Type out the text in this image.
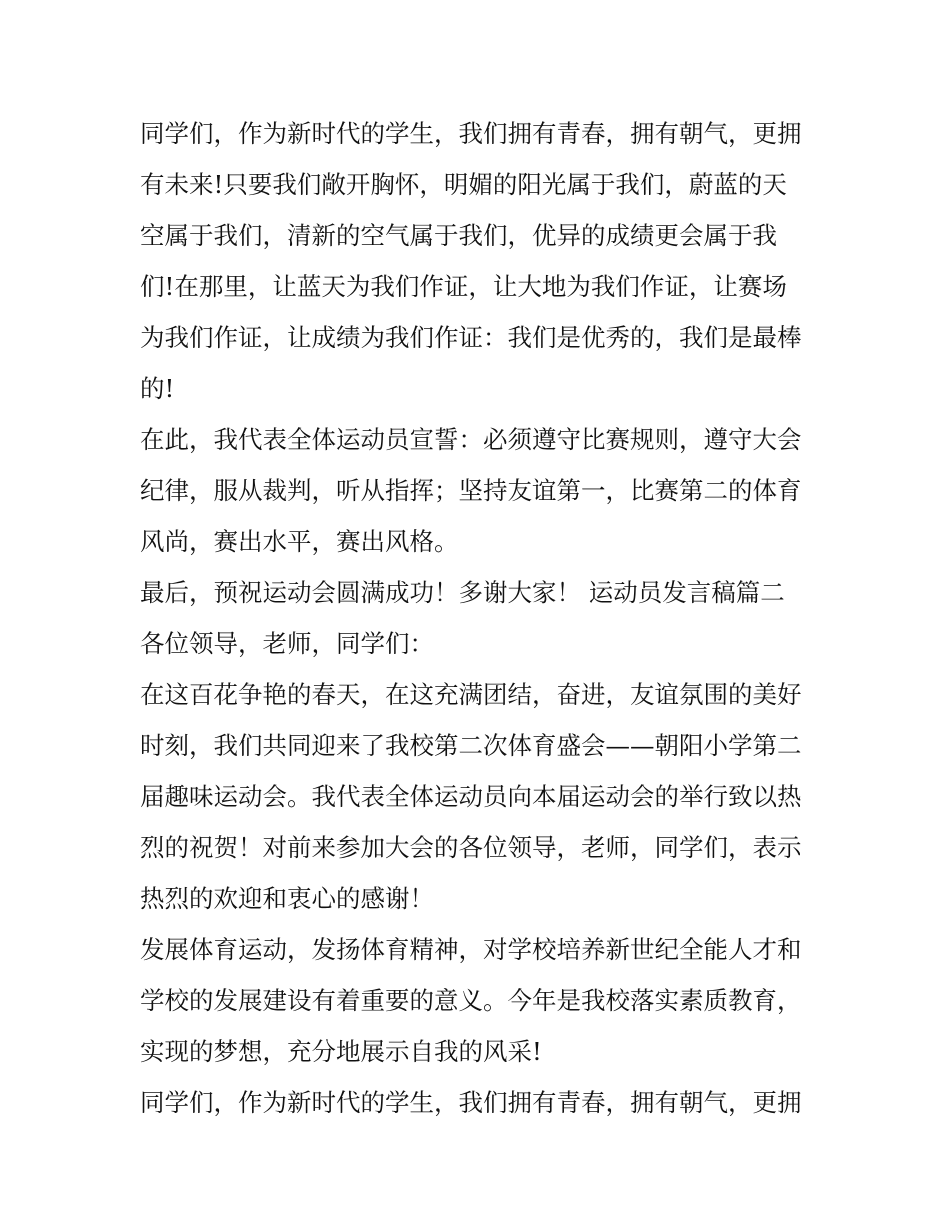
同学们，作为新时代的学生，我们拥有青春，拥有朝气，更拥
有未来!只要我们敞开胸怀，明媚的阳光属于我们，蔚蓝的天
空属于我们，清新的空气属于我们，优异的成绩更会属于我
们!在那里，让蓝天为我们作证，让大地为我们作证，让赛场
为我们作证，让成绩为我们作证：我们是优秀的，我们是最棒
的!
在此，我代表全体运动员宣誓：必须遵守比赛规则，遵守大会
纪律，服从裁判，听从指挥；坚持友谊第一，比赛第二的体育
风尚，赛出水平，赛出风格。
最后，预祝运动会圆满成功！多谢大家！ 运动员发言稿篇二
各位领导，老师，同学们：
在这百花争艳的春天，在这充满团结，奋进，友谊氛围的美好
时刻，我们共同迎来了我校第二次体育盛会——朝阳小学第二
届趣味运动会。我代表全体运动员向本届运动会的举行致以热
烈的祝贺！对前来参加大会的各位领导，老师，同学们，表示
热烈的欢迎和衷心的感谢！
发展体育运动，发扬体育精神，对学校培养新世纪全能人才和
学校的发展建设有着重要的意义。今年是我校落实素质教育，
实现的梦想，充分地展示自我的风采!
同学们，作为新时代的学生，我们拥有青春，拥有朝气，更拥
